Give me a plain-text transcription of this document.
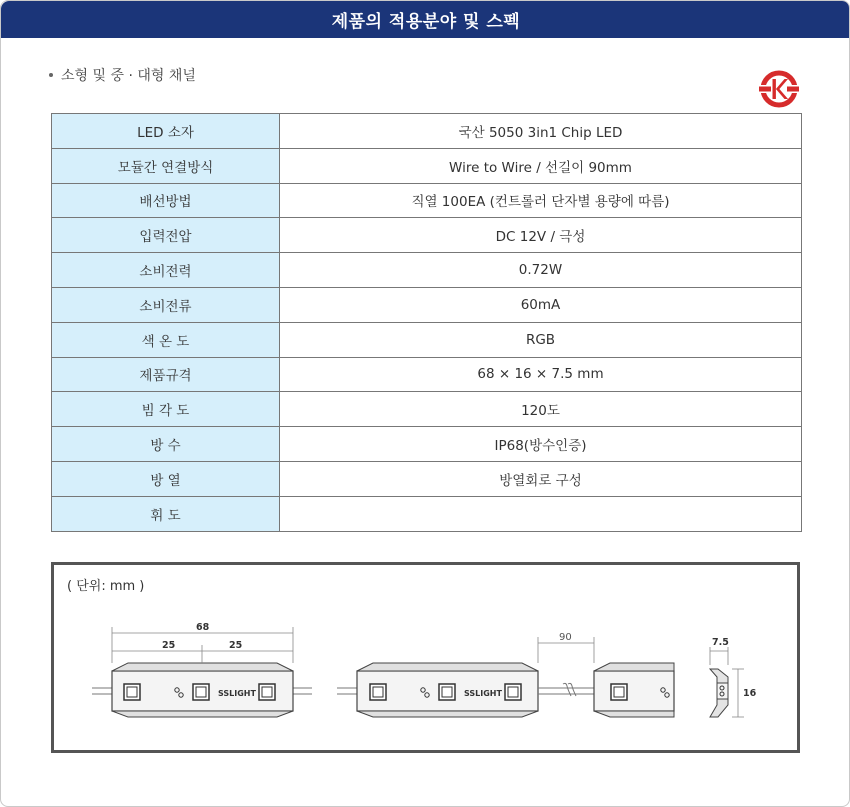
제품의 적용분야 및 스펙
소형 및 중 · 대형 채널
LED 소자	국산 5050 3in1 Chip LED
모듈간 연결방식	Wire to Wire / 선길이 90mm
배선방법	직열 100EA (컨트롤러 단자별 용량에 따름)
입력전압	DC 12V / 극성
소비전력	0.72W
소비전류	60mA
색 온 도	RGB
제품규격	68 × 16 × 7.5 mm
빔 각 도	120도
방 수	IP68(방수인증)
방 열	방열회로 구성
휘 도	
( 단위: mm )
SSLIGHT
68
25	25
SSLIGHT
90	7.5
16
